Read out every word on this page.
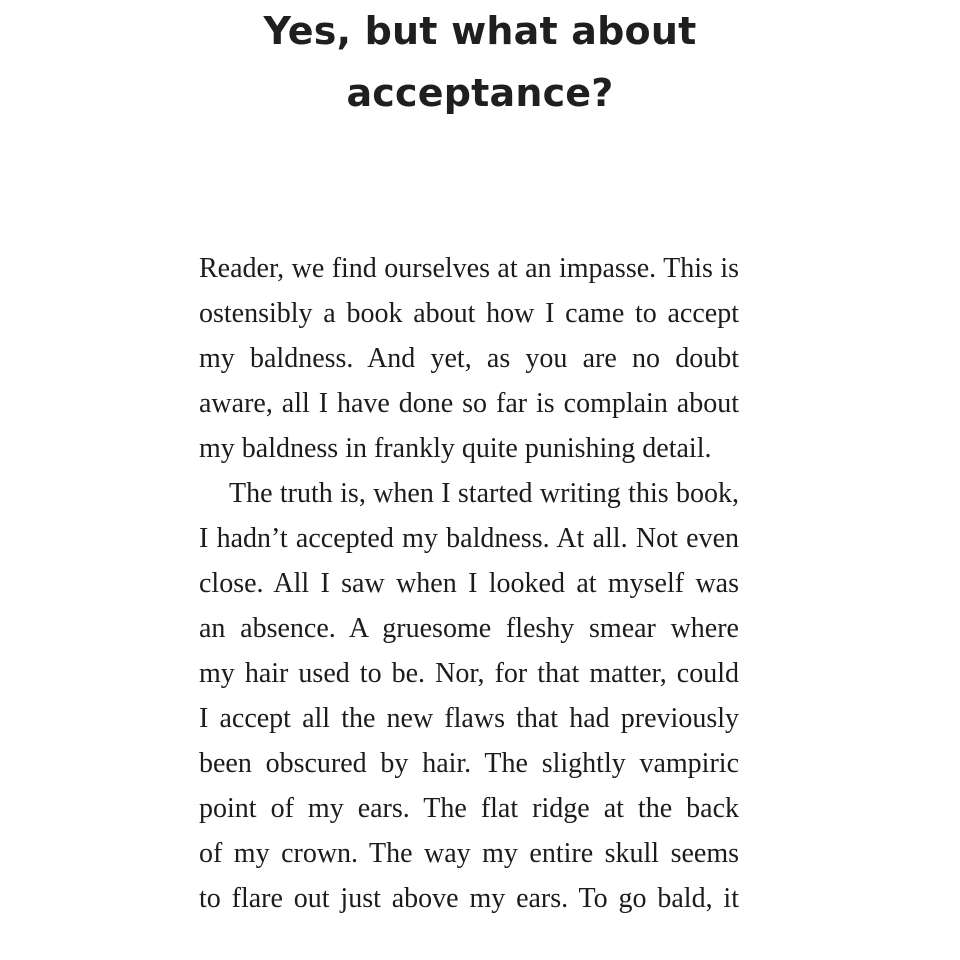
Yes, but what about
acceptance?
Reader, we find ourselves at an impasse. This is
ostensibly a book about how I came to accept
my baldness. And yet, as you are no doubt
aware, all I have done so far is complain about
my baldness in frankly quite punishing detail.
The truth is, when I started writing this book,
I hadn’t accepted my baldness. At all. Not even
close. All I saw when I looked at myself was
an absence. A gruesome fleshy smear where
my hair used to be. Nor, for that matter, could
I accept all the new flaws that had previously
been obscured by hair. The slightly vampiric
point of my ears. The flat ridge at the back
of my crown. The way my entire skull seems
to flare out just above my ears. To go bald, it
